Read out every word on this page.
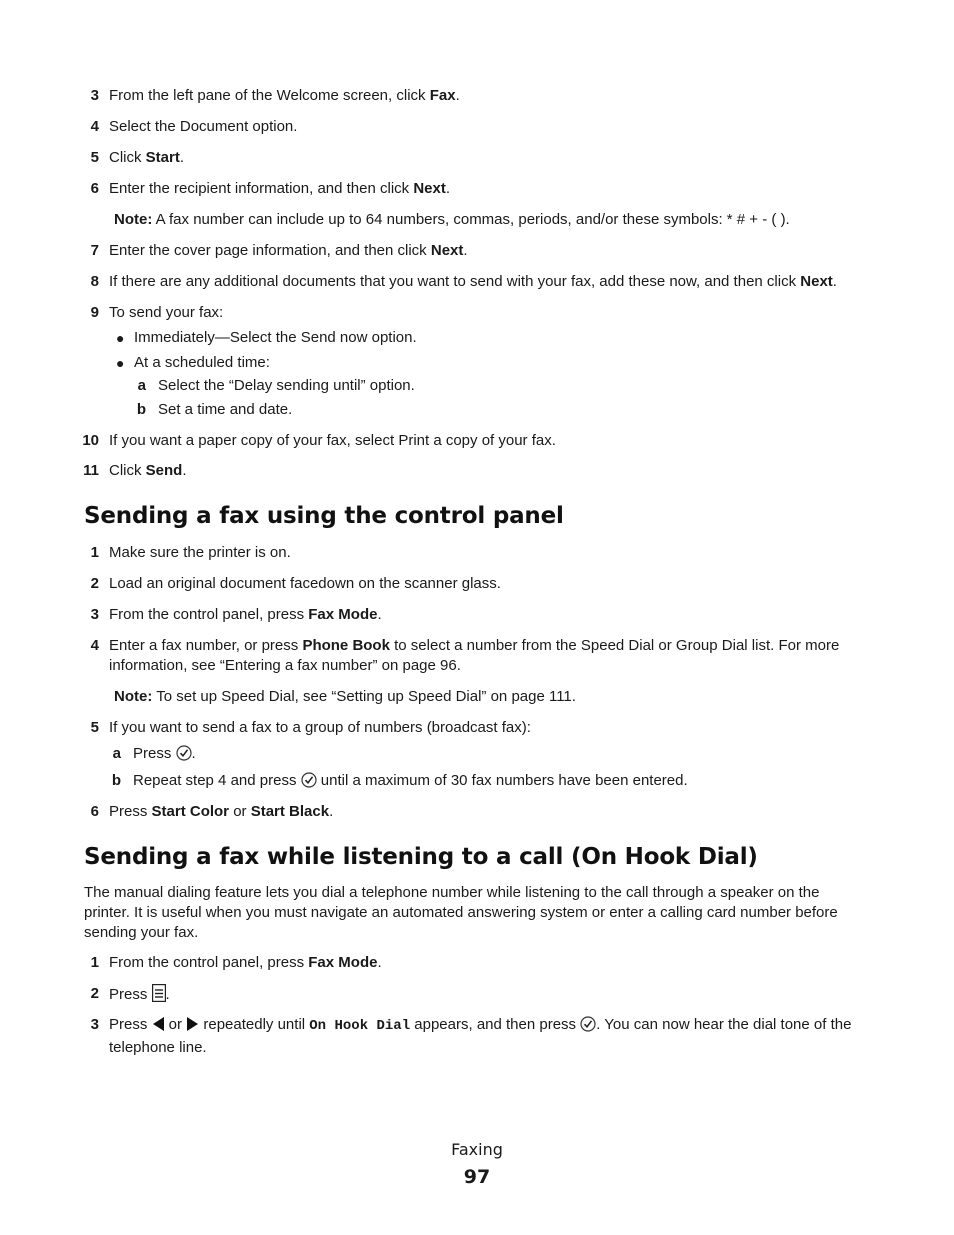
3 From the left pane of the Welcome screen, click Fax.
4 Select the Document option.
5 Click Start.
6 Enter the recipient information, and then click Next.
Note: A fax number can include up to 64 numbers, commas, periods, and/or these symbols: * # + - ( ).
7 Enter the cover page information, and then click Next.
8 If there are any additional documents that you want to send with your fax, add these now, and then click Next.
9 To send your fax:
● Immediately—Select the Send now option.
● At a scheduled time:
a Select the “Delay sending until” option.
b Set a time and date.
10 If you want a paper copy of your fax, select Print a copy of your fax.
11 Click Send.
Sending a fax using the control panel
1 Make sure the printer is on.
2 Load an original document facedown on the scanner glass.
3 From the control panel, press Fax Mode.
4 Enter a fax number, or press Phone Book to select a number from the Speed Dial or Group Dial list. For more
information, see “Entering a fax number” on page 96.
Note: To set up Speed Dial, see “Setting up Speed Dial” on page 111.
5 If you want to send a fax to a group of numbers (broadcast fax):
a Press .
b Repeat step 4 and press  until a maximum of 30 fax numbers have been entered.
6 Press Start Color or Start Black.
Sending a fax while listening to a call (On Hook Dial)
The manual dialing feature lets you dial a telephone number while listening to the call through a speaker on the
printer. It is useful when you must navigate an automated answering system or enter a calling card number before
sending your fax.
1 From the control panel, press Fax Mode.
2 Press .
3 Press  or  repeatedly until On Hook Dial appears, and then press . You can now hear the dial tone of the
telephone line.
Faxing
97
